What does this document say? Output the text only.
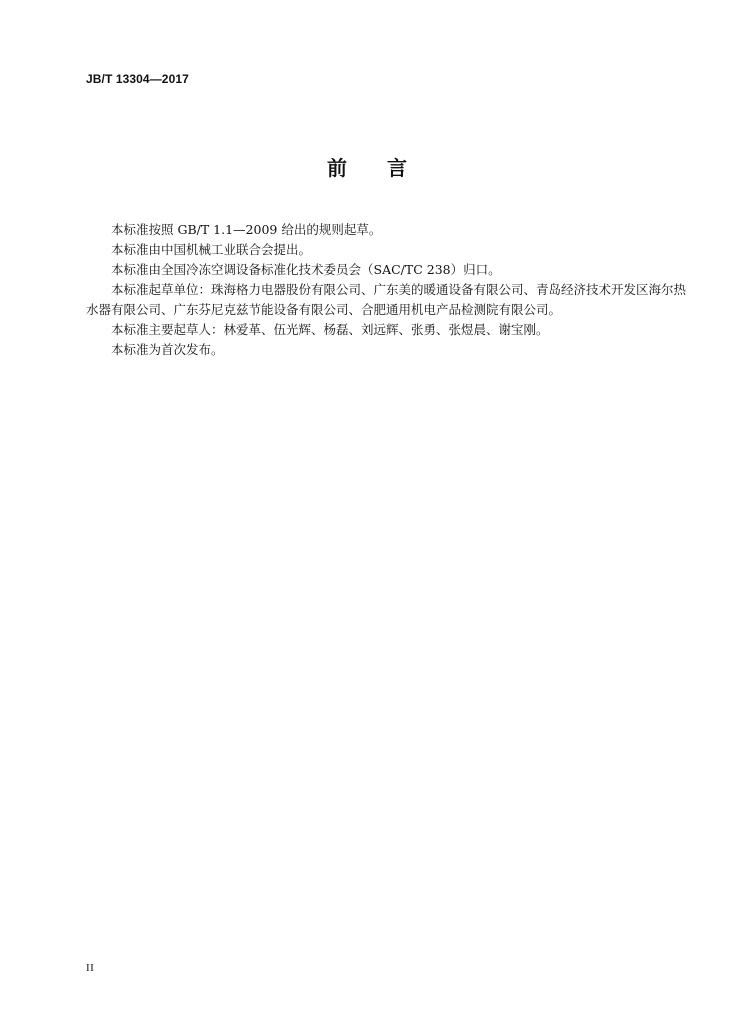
JB/T 13304—2017
前 言

本标准按照 GB/T 1.1—2009 给出的规则起草。

本标准由中国机械工业联合会提出。

本标准由全国冷冻空调设备标准化技术委员会（SAC/TC 238）归口。

本标准起草单位：珠海格力电器股份有限公司、广东美的暖通设备有限公司、青岛经济技术开发区海尔热水器有限公司、广东芬尼克兹节能设备有限公司、合肥通用机电产品检测院有限公司。

本标准主要起草人：林爱革、伍光辉、杨磊、刘远辉、张勇、张煜晨、谢宝刚。

本标准为首次发布。

II
